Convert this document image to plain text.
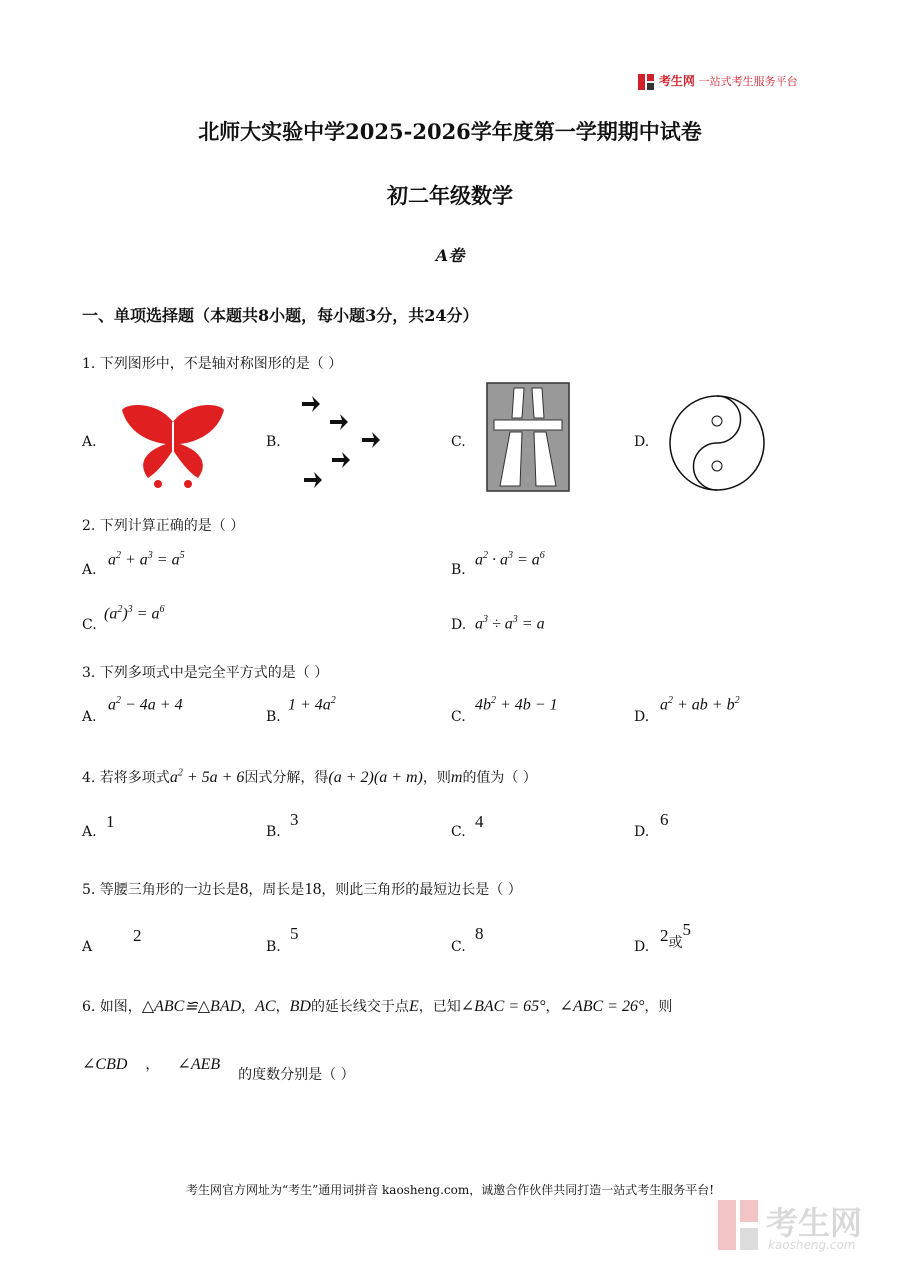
考生网 一站式考生服务平台
北师大实验中学2025-2026学年度第一学期期中试卷
初二年级数学
A卷
一、单项选择题（本题共8小题，每小题3分，共24分）
1. 下列图形中，不是轴对称图形的是（ ）
A.	B.	C.	D.
2. 下列计算正确的是（ ）
A.
$a^2 + a^3 = a^5$
B.
$a^2 \cdot a^3 = a^6$
C.
$(a^2)^3 = a^6$
D. $a^3 \div a^3 = a$
3. 下列多项式中是完全平方式的是（ ）
A.
$a^2 - 4a + 4$
B.
$1 + 4a^2$
C.
$4b^2 + 4b - 1$
D.
$a^2$ + ab + $b^2$
4. 若将多项式$a^2 + 5a + 6$因式分解，得(a + 2)(a + m)，则m的值为（ ）
A.
1
B.
3
C.
4
D.
6
5. 等腰三角形的一边长是8，周长是18，则此三角形的最短边长是（ ）
A
2
B.
5
C.
8
D.
2或5
6. 如图，△ABC≌△BAD，AC，BD的延长线交于点E，已知∠BAC = 65°，∠ABC = 26°，则
∠CBD ， ∠AEB的度数分别是（ ）
考生网官方网址为“考生”通用词拼音 kaosheng.com，诚邀合作伙伴共同打造一站式考生服务平台!
考生网
kaosheng.com
